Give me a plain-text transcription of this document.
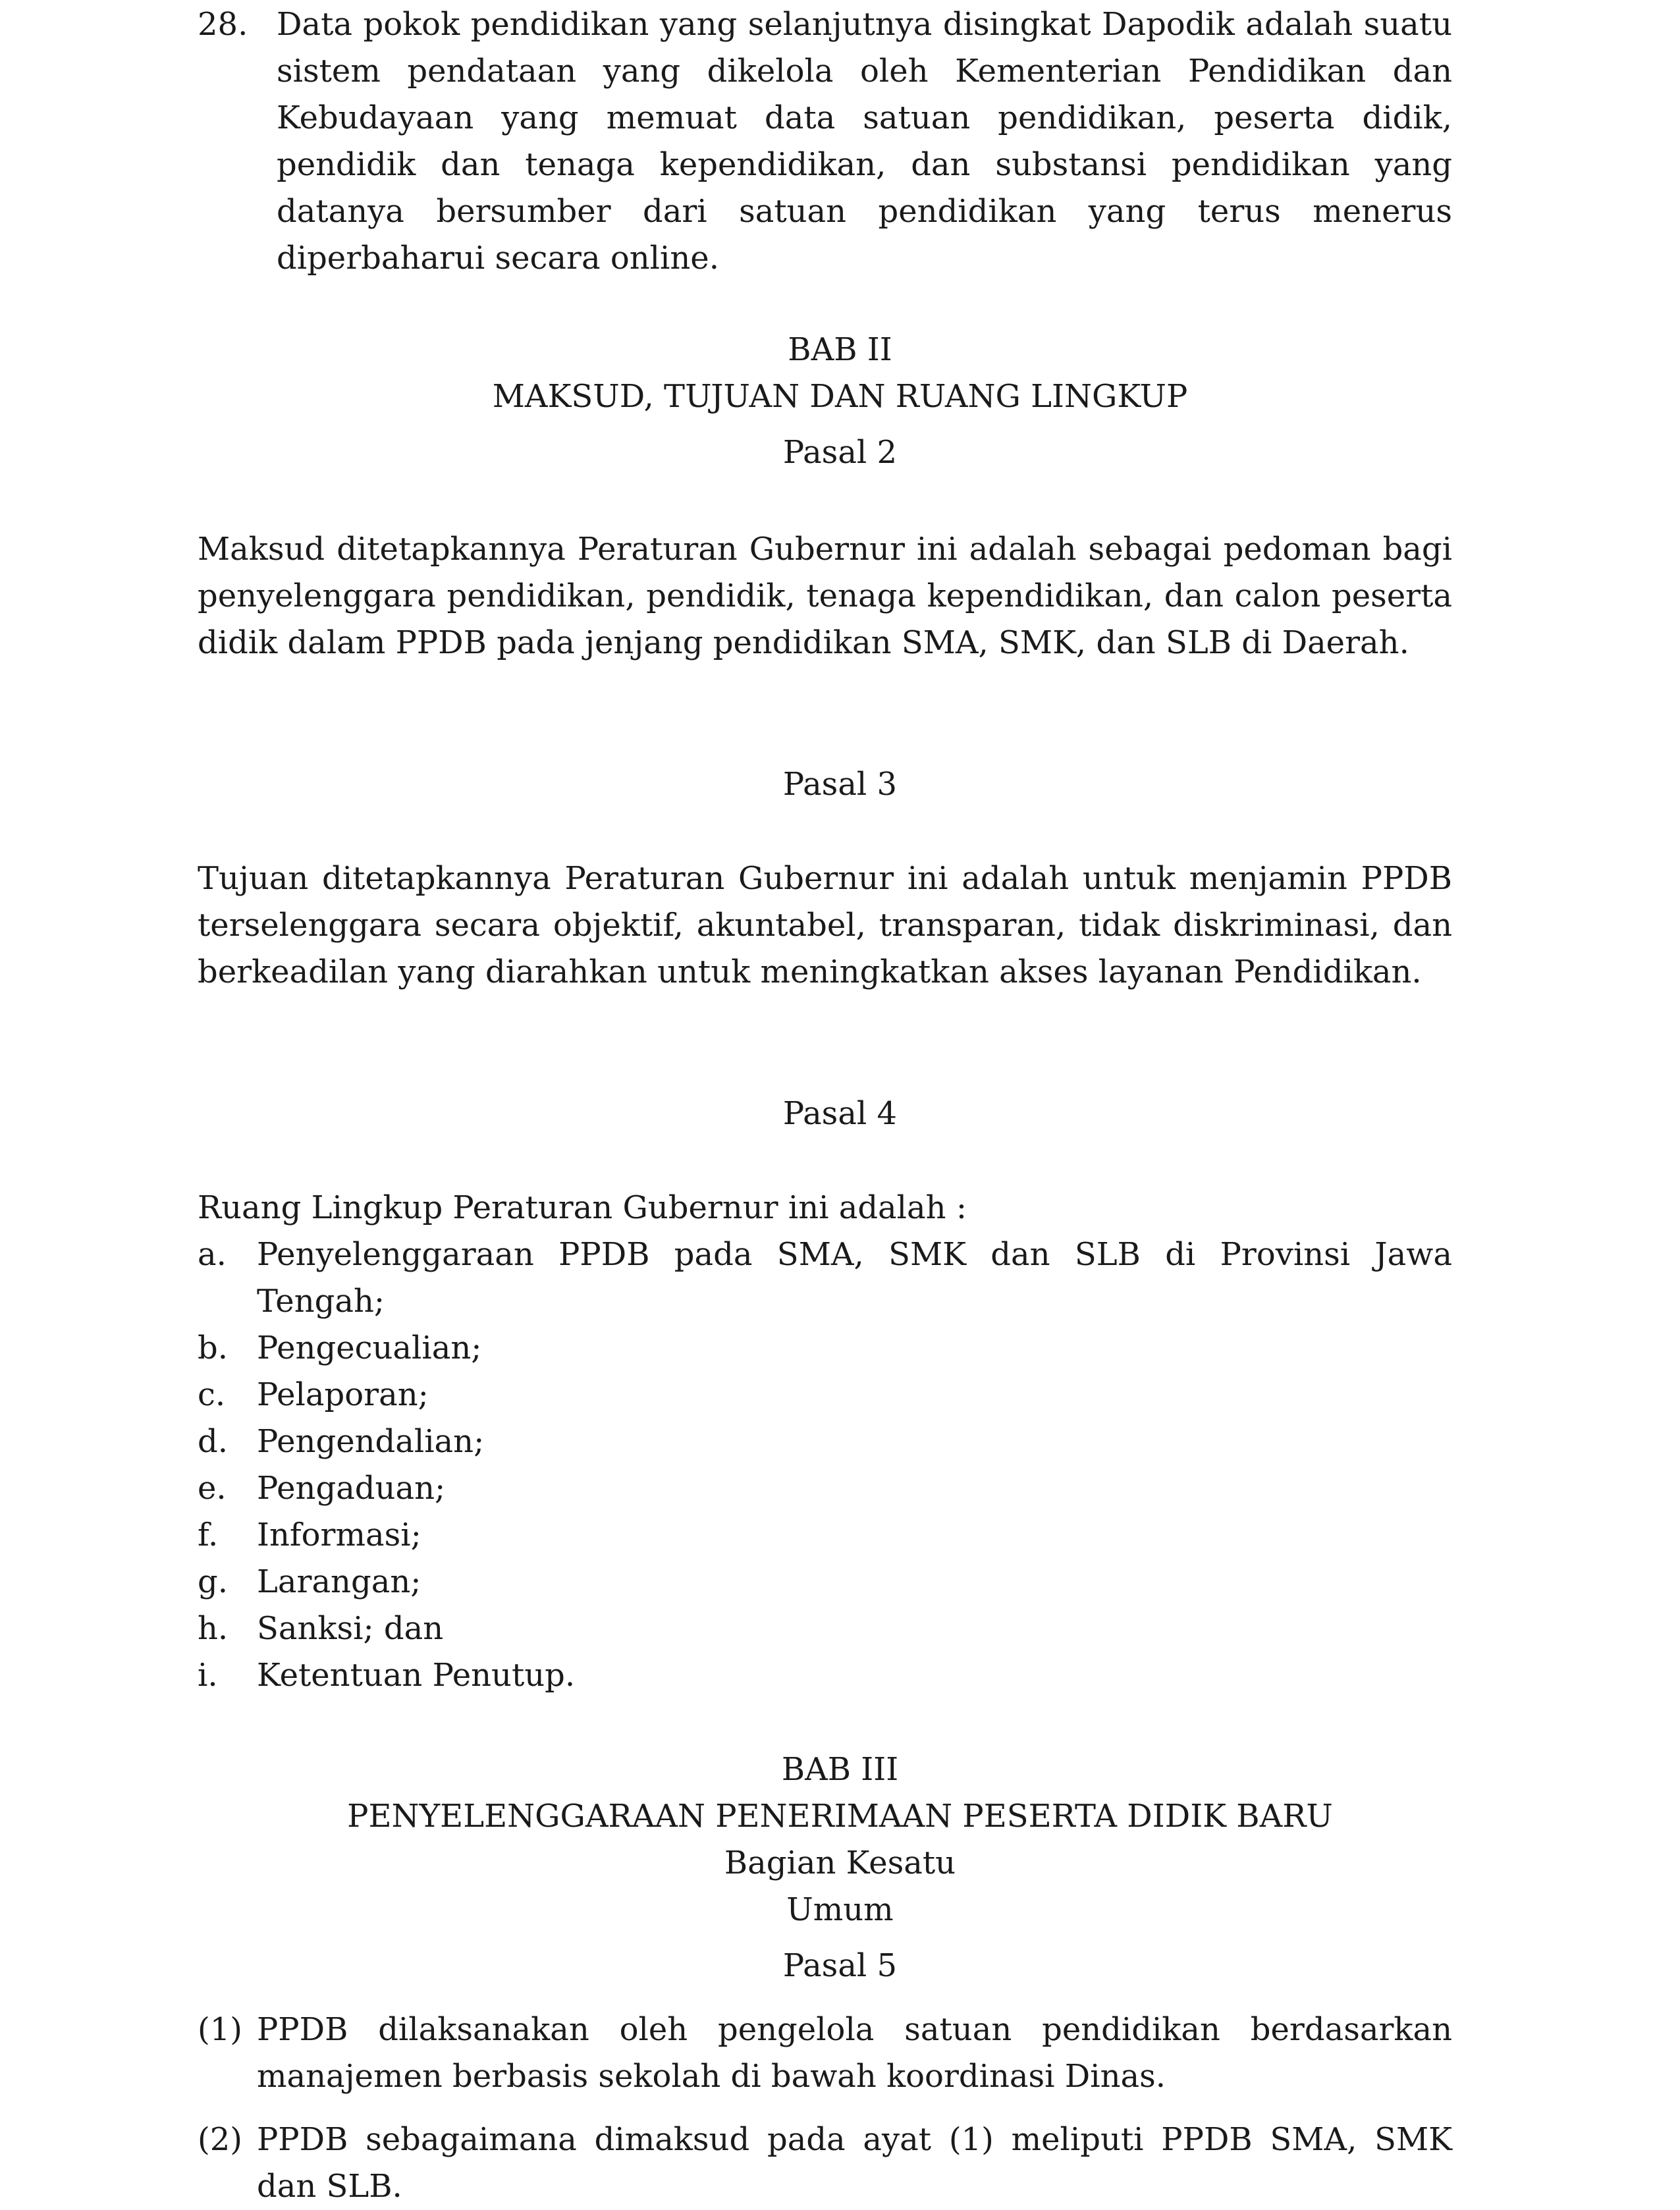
28. Data pokok pendidikan yang selanjutnya disingkat Dapodik adalah suatu sistem pendataan yang dikelola oleh Kementerian Pendidikan dan Kebudayaan yang memuat data satuan pendidikan, peserta didik, pendidik dan tenaga kependidikan, dan substansi pendidikan yang datanya bersumber dari satuan pendidikan yang terus menerus diperbaharui secara online.
BAB II
MAKSUD, TUJUAN DAN RUANG LINGKUP
Pasal 2
Maksud ditetapkannya Peraturan Gubernur ini adalah sebagai pedoman bagi penyelenggara pendidikan, pendidik, tenaga kependidikan, dan calon peserta didik dalam PPDB pada jenjang pendidikan SMA, SMK, dan SLB di Daerah.
Pasal 3
Tujuan ditetapkannya Peraturan Gubernur ini adalah untuk menjamin PPDB terselenggara secara objektif, akuntabel, transparan, tidak diskriminasi, dan berkeadilan yang diarahkan untuk meningkatkan akses layanan Pendidikan.
Pasal 4
Ruang Lingkup Peraturan Gubernur ini adalah :
a. Penyelenggaraan PPDB pada SMA, SMK dan SLB di Provinsi Jawa Tengah;
b. Pengecualian;
c. Pelaporan;
d. Pengendalian;
e. Pengaduan;
f. Informasi;
g. Larangan;
h. Sanksi; dan
i. Ketentuan Penutup.
BAB III
PENYELENGGARAAN PENERIMAAN PESERTA DIDIK BARU
Bagian Kesatu
Umum
Pasal 5
(1) PPDB dilaksanakan oleh pengelola satuan pendidikan berdasarkan manajemen berbasis sekolah di bawah koordinasi Dinas.
(2) PPDB sebagaimana dimaksud pada ayat (1) meliputi PPDB SMA, SMK dan SLB.
